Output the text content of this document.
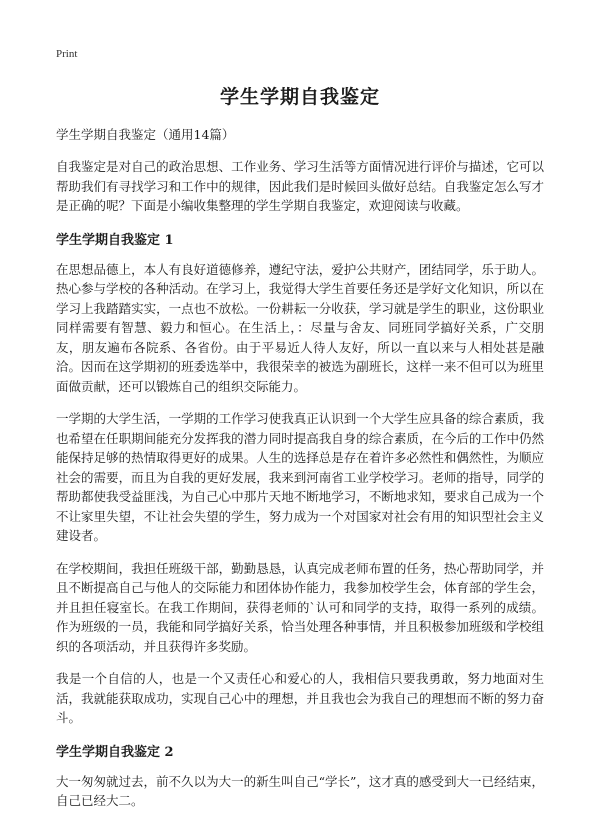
Print
学生学期自我鉴定
学生学期自我鉴定（通用14篇）
自我鉴定是对自己的政治思想、工作业务、学习生活等方面情况进行评价与描述，它可以帮助我们有寻找学习和工作中的规律，因此我们是时候回头做好总结。自我鉴定怎么写才是正确的呢？下面是小编收集整理的学生学期自我鉴定，欢迎阅读与收藏。
学生学期自我鉴定 1
在思想品德上，本人有良好道德修养，遵纪守法，爱护公共财产，团结同学，乐于助人。热心参与学校的各种活动。在学习上，我觉得大学生首要任务还是学好文化知识，所以在学习上我踏踏实实，一点也不放松。一份耕耘一分收获，学习就是学生的职业，这份职业同样需要有智慧、毅力和恒心。在生活上，：尽量与舍友、同班同学搞好关系，广交朋友，朋友遍布各院系、各省份。由于平易近人待人友好，所以一直以来与人相处甚是融洽。因而在这学期初的班委选举中，我很荣幸的被选为副班长，这样一来不但可以为班里面做贡献，还可以锻炼自己的组织交际能力。
一学期的大学生活，一学期的工作学习使我真正认识到一个大学生应具备的综合素质，我也希望在任职期间能充分发挥我的潜力同时提高我自身的综合素质，在今后的工作中仍然能保持足够的热情取得更好的成果。人生的选择总是存在着许多必然性和偶然性，为顺应社会的需要，而且为自我的更好发展，我来到河南省工业学校学习。老师的指导，同学的帮助都使我受益匪浅，为自己心中那片天地不断地学习，不断地求知，要求自己成为一个不让家里失望，不让社会失望的学生，努力成为一个对国家对社会有用的知识型社会主义建设者。
在学校期间，我担任班级干部，勤勤恳恳，认真完成老师布置的任务，热心帮助同学，并且不断提高自己与他人的交际能力和团体协作能力，我参加校学生会，体育部的学生会，并且担任寝室长。在我工作期间，获得老师的`认可和同学的支持，取得一系列的成绩。作为班级的一员，我能和同学搞好关系，恰当处理各种事情，并且积极参加班级和学校组织的各项活动，并且获得许多奖励。
我是一个自信的人，也是一个又责任心和爱心的人，我相信只要我勇敢，努力地面对生活，我就能获取成功，实现自己心中的理想，并且我也会为我自己的理想而不断的努力奋斗。
学生学期自我鉴定 2
大一匆匆就过去，前不久以为大一的新生叫自己“学长”，这才真的感受到大一已经结束，自己已经大二。
